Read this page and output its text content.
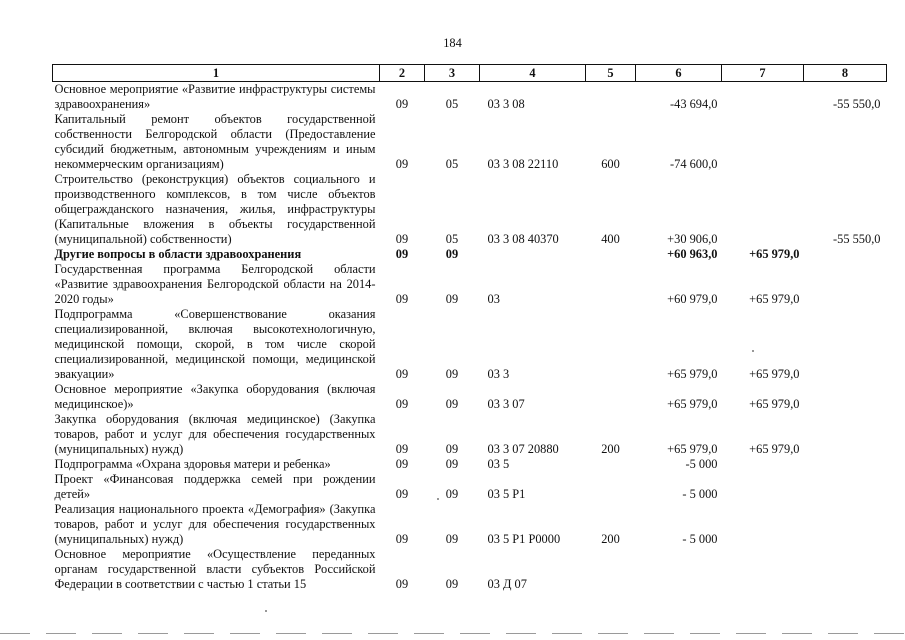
184
1	2	3	4	5	6	7	8
Основное мероприятие «Развитие инфраструктуры системы здравоохранения»	09	05	03 3 08		-43 694,0		-55 550,0
Капитальный ремонт объектов государственной собственности Белгородской области (Предоставление субсидий бюджетным, автономным учреждениям и иным некоммерческим организациям)	09	05	03 3 08 22110	600	-74 600,0		
Строительство (реконструкция) объектов социального и производственного комплексов, в том числе объектов общегражданского назначения, жилья, инфраструктуры (Капитальные вложения в объекты государственной (муниципальной) собственности)	09	05	03 3 08 40370	400	+30 906,0		-55 550,0
Другие вопросы в области здравоохранения	09	09			+60 963,0	+65 979,0	
Государственная программа Белгородской области «Развитие здравоохранения Белгородской области на 2014-2020 годы»	09	09	03		+60 979,0	+65 979,0	
Подпрограмма «Совершенствование оказания специализированной, включая высокотехнологичную, медицинской помощи, скорой, в том числе скорой специализированной, медицинской помощи, медицинской эвакуации»	09	09	03 3		+65 979,0	+65 979,0	
Основное мероприятие «Закупка оборудования (включая медицинское)»	09	09	03 3 07		+65 979,0	+65 979,0	
Закупка оборудования (включая медицинское) (Закупка товаров, работ и услуг для обеспечения государственных (муниципальных) нужд)	09	09	03 3 07 20880	200	+65 979,0	+65 979,0	
Подпрограмма «Охрана здоровья матери и ребенка»	09	09	03 5		-5 000		
Проект «Финансовая поддержка семей при рождении детей»	09	09	03 5 P1		- 5 000		
Реализация национального проекта «Демография» (Закупка товаров, работ и услуг для обеспечения государственных (муниципальных) нужд)	09	09	03 5 P1 P0000	200	- 5 000		
Основное мероприятие «Осуществление переданных органам государственной власти субъектов Российской Федерации в соответствии с частью 1 статьи 15	09	09	03 Д 07				
